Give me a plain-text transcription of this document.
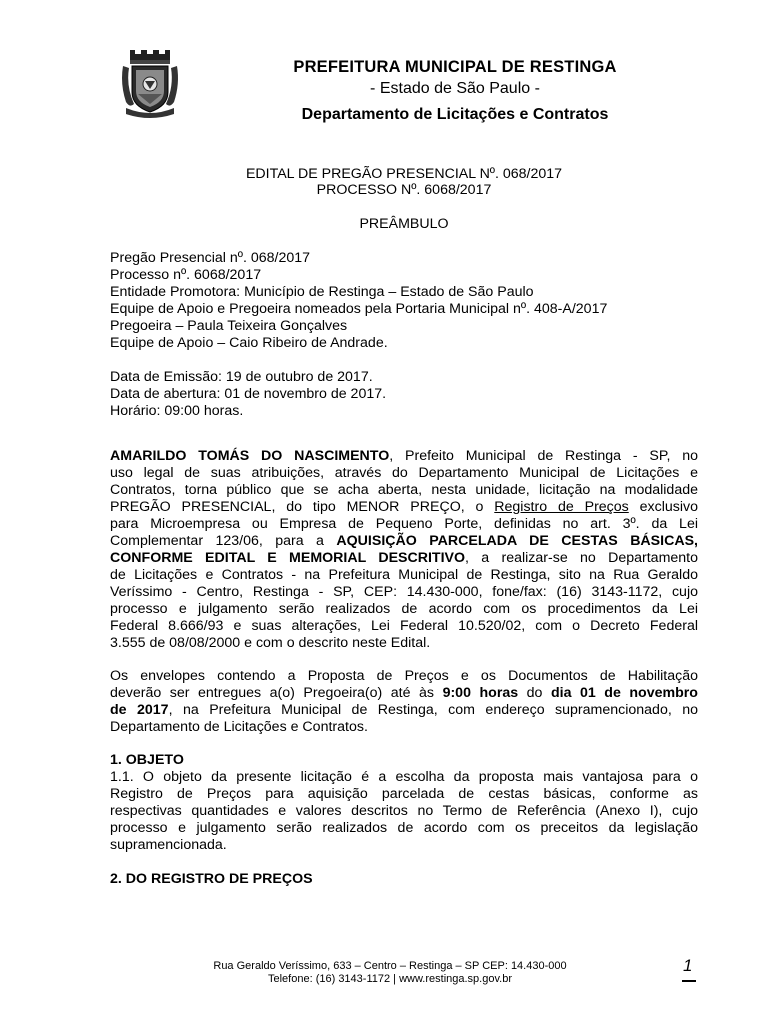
PREFEITURA MUNICIPAL DE RESTINGA
- Estado de São Paulo -
Departamento de Licitações e Contratos
EDITAL DE PREGÃO PRESENCIAL Nº. 068/2017
PROCESSO Nº. 6068/2017
PREÂMBULO
Pregão Presencial nº. 068/2017
Processo nº. 6068/2017
Entidade Promotora: Município de Restinga – Estado de São Paulo
Equipe de Apoio e Pregoeira nomeados pela Portaria Municipal nº. 408-A/2017
Pregoeira – Paula Teixeira Gonçalves
Equipe de Apoio – Caio Ribeiro de Andrade.
Data de Emissão: 19 de outubro de 2017.
Data de abertura: 01 de novembro de 2017.
Horário: 09:00 horas.
AMARILDO TOMÁS DO NASCIMENTO, Prefeito Municipal de Restinga - SP, no
uso legal de suas atribuições, através do Departamento Municipal de Licitações e
Contratos, torna público que se acha aberta, nesta unidade, licitação na modalidade
PREGÃO PRESENCIAL, do tipo MENOR PREÇO, o Registro de Preços exclusivo
para Microempresa ou Empresa de Pequeno Porte, definidas no art. 3º. da Lei
Complementar 123/06, para a AQUISIÇÃO PARCELADA DE CESTAS BÁSICAS,
CONFORME EDITAL E MEMORIAL DESCRITIVO, a realizar-se no Departamento
de Licitações e Contratos - na Prefeitura Municipal de Restinga, sito na Rua Geraldo
Veríssimo - Centro, Restinga - SP, CEP: 14.430-000, fone/fax: (16) 3143-1172, cujo
processo e julgamento serão realizados de acordo com os procedimentos da Lei
Federal 8.666/93 e suas alterações, Lei Federal 10.520/02, com o Decreto Federal
3.555 de 08/08/2000 e com o descrito neste Edital.
Os envelopes contendo a Proposta de Preços e os Documentos de Habilitação
deverão ser entregues a(o) Pregoeira(o) até às 9:00 horas do dia 01 de novembro
de 2017, na Prefeitura Municipal de Restinga, com endereço supramencionado, no
Departamento de Licitações e Contratos.
1. OBJETO
1.1. O objeto da presente licitação é a escolha da proposta mais vantajosa para o
Registro de Preços para aquisição parcelada de cestas básicas, conforme as
respectivas quantidades e valores descritos no Termo de Referência (Anexo I), cujo
processo e julgamento serão realizados de acordo com os preceitos da legislação
supramencionada.
2. DO REGISTRO DE PREÇOS
Rua Geraldo Veríssimo, 633 – Centro – Restinga – SP CEP: 14.430-000
Telefone: (16) 3143-1172 | www.restinga.sp.gov.br
1
